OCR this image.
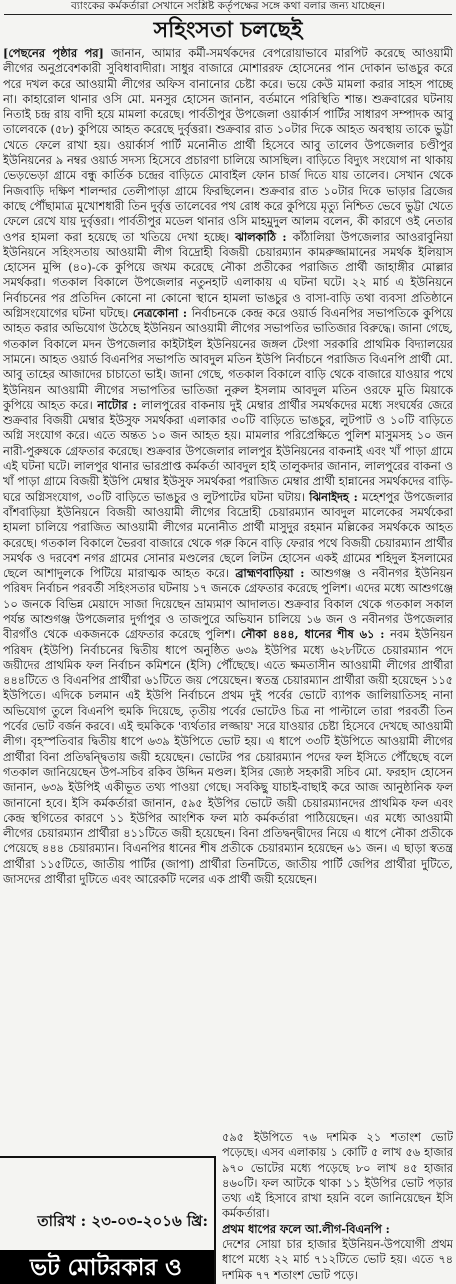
ব্যাংকের কর্মকর্তারা সেখানে সংশ্লিষ্ট কর্তৃপক্ষের সঙ্গে কথা বলার জন্য যাচ্ছেন।
সহিংসতা চলছেই
[পেছনের পৃষ্ঠার পর] জানান, আমার কর্মী-সমর্থকদের বেপরোয়াভাবে মারপিট করেছে আওয়ামী লীগের অনুপ্রবেশকারী সুবিধাবাদীরা। সাধুর বাজারে মোশাররফ হোসেনের পান দোকান ভাঙচুর করে পরে দখল করে আওয়ামী লীগের অফিস বানানোর চেষ্টা করে। ভয়ে কেউ মামলা করার সাহস পাচ্ছে না। কাহারোল থানার ওসি মো. মনসুর হোসেন জানান, বর্তমানে পরিস্থিতি শান্ত। শুক্রবারের ঘটনায় নিতাই চন্দ্র রায় বাদী হয়ে মামলা করেছে। পার্বতীপুর উপজেলা ওয়ার্কার্স পার্টির সাধারণ সম্পাদক আবু তালেবকে (৫৮) কুপিয়ে আহত করেছে দুর্বৃত্তরা। শুক্রবার রাত ১০টার দিকে আহত অবস্থায় তাকে ভুট্টা খেতে ফেলে রাখা হয়। ওয়ার্কার্স পার্টি মনোনীত প্রার্থী হিসেবে আবু তালেব উপজেলার চণ্ডীপুর ইউনিয়নের ৯ নম্বর ওয়ার্ড সদস্য হিসেবে প্রচারণা চালিয়ে আসছিল। বাড়িতে বিদ্যুৎ সংযোগ না থাকায় ভেড়ভেড়া গ্রামে বন্ধু কার্তিক চন্দ্রের বাড়িতে মোবাইল ফোন চার্জ দিতে যায় তালেব। সেখান থেকে নিজবাড়ি দক্ষিণ শালন্দার তেলীপাড়া গ্রামে ফিরছিলেন। শুক্রবার রাত ১০টার দিকে ভাড়ার ব্রিজের কাছে পৌঁছামাত্র মুখোশধারী তিন দুর্বৃত্ত তালেবের পথ রোধ করে কুপিয়ে মৃত্যু নিশ্চিত ভেবে ভুট্টা খেতে ফেলে রেখে যায় দুর্বৃত্তরা। পার্বতীপুর মডেল থানার ওসি মাহমুদুল আলম বলেন, কী কারণে ওই নেতার ওপর হামলা করা হয়েছে তা খতিয়ে দেখা হচ্ছে। ঝালকাঠি : কাঁঠালিয়া উপজেলার আওরাবুনিয়া ইউনিয়নে সহিংসতায় আওয়ামী লীগ বিদ্রোহী বিজয়ী চেয়ারম্যান কামরুজ্জামানের সমর্থক ইলিয়াস হোসেন মুন্সি (৪০)-কে কুপিয়ে জখম করেছে নৌকা প্রতীকের পরাজিত প্রার্থী জাহাঙ্গীর মোল্লার সমর্থকরা। গতকাল বিকালে উপজেলার নতুনহাট এলাকায় এ ঘটনা ঘটে। ২২ মার্চ এ ইউনিয়নে নির্বাচনের পর প্রতিদিন কোনো না কোনো স্থানে হামলা ভাঙচুর ও বাসা-বাড়ি তথা ব্যবসা প্রতিষ্ঠানে অগ্নিসংযোগের ঘটনা ঘটছে। নেত্রকোনা : নির্বাচনকে কেন্দ্র করে ওয়ার্ড বিএনপির সভাপতিকে কুপিয়ে আহত করার অভিযোগ উঠেছে ইউনিয়ন আওয়ামী লীগের সভাপতির ভাতিজার বিরুদ্ধে। জানা গেছে, গতকাল বিকালে মদন উপজেলার কাইটাইল ইউনিয়নের জঙ্গল টেংগা সরকারি প্রাথমিক বিদ্যালয়ের সামনে। আহত ওয়ার্ড বিএনপির সভাপতি আবদুল মতিন ইউপি নির্বাচনে পরাজিত বিএনপি প্রার্থী মো. আবু তাহের আজাদের চাচাতো ভাই। জানা গেছে, গতকাল বিকালে বাড়ি থেকে বাজারে যাওয়ার পথে ইউনিয়ন আওয়ামী লীগের সভাপতির ভাতিজা নুরুল ইসলাম আবদুল মতিন ওরফে মুতি মিয়াকে কুপিয়ে আহত করে। নাটোর : লালপুরের বাকনায় দুই মেম্বার প্রার্থীর সমর্থকদের মধ্যে সংঘর্ষের জেরে শুক্রবার বিজয়ী মেম্বার ইউসুফ সমর্থকরা এলাকার ৩০টি বাড়িতে ভাঙচুর, লুটপাট ও ১০টি বাড়িতে অগ্নি সংযোগ করে। এতে অন্তত ১০ জন আহত হয়। মামলার পরিপ্রেক্ষিতে পুলিশ মাসুমসহ ১০ জন নারী-পুরুষকে গ্রেফতার করেছে। শুক্রবার উপজেলার লালপুর ইউনিয়নের বাকনাই এবং খাঁ পাড়া গ্রামে এই ঘটনা ঘটে। লালপুর থানার ভারপ্রাপ্ত কর্মকর্তা আবদুল হাই তালুকদার জানান, লালপুরের বাকনা ও খাঁ পাড়া গ্রামে বিজয়ী ইউপি মেম্বার ইউসুফ সমর্থকরা পরাজিত মেম্বার প্রার্থী হান্নানের সমর্থকদের বাড়ি-ঘরে অগ্নিসংযোগ, ৩০টি বাড়িতে ভাঙচুর ও লুটপাটের ঘটনা ঘটায়। ঝিনাইদহ : মহেশপুর উপজেলার বাঁশবাড়িয়া ইউনিয়নে বিজয়ী আওয়ামী লীগের বিদ্রোহী চেয়ারম্যান আবদুল মালেকের সমর্থকেরা হামলা চালিয়ে পরাজিত আওয়ামী লীগের মনোনীত প্রার্থী মাসুদুর রহমান মল্লিকের সমর্থককে আহত করেছে। গতকাল বিকালে ভৈরবা বাজারে থেকে গরু কিনে বাড়ি ফেরার পথে বিজয়ী চেয়ারম্যান প্রার্থীর সমর্থক ও দরবেশ নগর গ্রামের সোনার মণ্ডলের ছেলে লিটন হোসেন একই গ্রামের শহিদুল ইসলামের ছেলে আশাদুলকে পিটিয়ে মারাত্মক আহত করে। ব্রাহ্মণবাড়িয়া : আশুগঞ্জ ও নবীনগর ইউনিয়ন পরিষদ নির্বাচন পরবর্তী সহিংসতার ঘটনায় ১৭ জনকে গ্রেফতার করেছে পুলিশ। এদের মধ্যে আশুগঞ্জে ১০ জনকে বিভিন্ন মেয়াদে সাজা দিয়েছেন ভ্রাম্যমাণ আদালত। শুক্রবার বিকাল থেকে গতকাল সকাল পর্যন্ত আশুগঞ্জ উপজেলার দুর্গাপুর ও তাজপুরে অভিযান চালিয়ে ১৬ জন ও নবীনগর উপজেলার বীরগাঁও থেকে একজনকে গ্রেফতার করেছে পুলিশ। নৌকা ৪৪৪, ধানের শীষ ৬১ : নবম ইউনিয়ন পরিষদ (ইউপি) নির্বাচনের দ্বিতীয় ধাপে অনুষ্ঠিত ৬৩৯ ইউপির মধ্যে ৬২৮টিতে চেয়ারম্যান পদে জয়ীদের প্রাথমিক ফল নির্বাচন কমিশনে (ইসি) পৌঁছেছে। এতে ক্ষমতাসীন আওয়ামী লীগের প্রার্থীরা ৪৪৪টিতে ও বিএনপির প্রার্থীরা ৬১টিতে জয় পেয়েছেন। স্বতন্ত্র চেয়ারম্যান প্রার্থীরা জয়ী হয়েছেন ১১৫ ইউপিতে। এদিকে চলমান এই ইউপি নির্বাচনে প্রথম দুই পর্বের ভোটে ব্যাপক জালিয়াতিসহ নানা অভিযোগ তুলে বিএনপি হুমকি দিয়েছে, তৃতীয় পর্বের ভোটেও চিত্র না পাল্টালে তারা পরবর্তী তিন পর্বের ভোট বর্জন করবে। এই হুমকিকে 'ব্যর্থতার লজ্জায়' সরে যাওয়ার চেষ্টা হিসেবে দেখছে আওয়ামী লীগ। বৃহস্পতিবার দ্বিতীয় ধাপে ৬৩৯ ইউপিতে ভোট হয়। এ ধাপে ৩৩টি ইউপিতে আওয়ামী লীগের প্রার্থীরা বিনা প্রতিদ্বন্দ্বিতায় জয়ী হয়েছেন। ভোটের পর চেয়ারম্যান পদের ফল ইসিতে পৌঁছেছে বলে গতকাল জানিয়েছেন উপ-সচিব রকিব উদ্দিন মণ্ডল। ইসির জ্যেষ্ঠ সহকারী সচিব মো. ফরহাদ হোসেন জানান, ৬৩৯ ইউপিই একীভূত তথ্য পাওয়া গেছে। সবকিছু যাচাই-বাছাই করে আজ আনুষ্ঠানিক ফল জানানো হবে। ইসি কর্মকর্তারা জানান, ৫৯৫ ইউপির ভোটে জয়ী চেয়ারম্যানদের প্রাথমিক ফল এবং কেন্দ্র স্থগিতের কারণে ১১ ইউপির আংশিক ফল মাঠ কর্মকর্তারা পাঠিয়েছেন। এর মধ্যে আওয়ামী লীগের চেয়ারম্যান প্রার্থীরা ৪১১টিতে জয়ী হয়েছেন। বিনা প্রতিদ্বন্দ্বীদের নিয়ে এ ধাপে নৌকা প্রতীকে পেয়েছে ৪৪৪ চেয়ারম্যান। বিএনপির ধানের শীষ প্রতীকে চেয়ারম্যান হয়েছেন ৬১ জন। এ ছাড়া স্বতন্ত্র প্রার্থীরা ১১৫টিতে, জাতীয় পার্টির (জাপা) প্রার্থীরা তিনটিতে, জাতীয় পার্টি জেপির প্রার্থীরা দুটিতে, জাসদের প্রার্থীরা দুটিতে এবং আরেকটি দলের এক প্রার্থী জয়ী হয়েছেন।
তারিখ : ২৩-০৩-২০১৬ খ্রি:
ভট মোটরকার ও
৫৯৫ ইউপিতে ৭৬ দশমিক ২১ শতাংশ ভোট পড়েছে। এসব এলাকায় ১ কোটি ৫ লাখ ৫৬ হাজার ৯৭০ ভোটের মধ্যে পড়েছে ৮০ লাখ ৪৫ হাজার ৪৬০টি। ফল আটকে থাকা ১১ ইউপির ভোট পড়ার তথ্য এই হিসাবে রাখা হয়নি বলে জানিয়েছেন ইসি কর্মকর্তারা।
প্রথম ধাপের ফলে আ.লীগ-বিএনপি :
দেশের সোয়া চার হাজার ইউনিয়ন-উপযোগী প্রথম ধাপে মধ্যে ২২ মার্চ ৭১২টিতে ভোট হয়। এতে ৭৪ দশমিক ৭৭ শতাংশ ভোট পড়ে।
